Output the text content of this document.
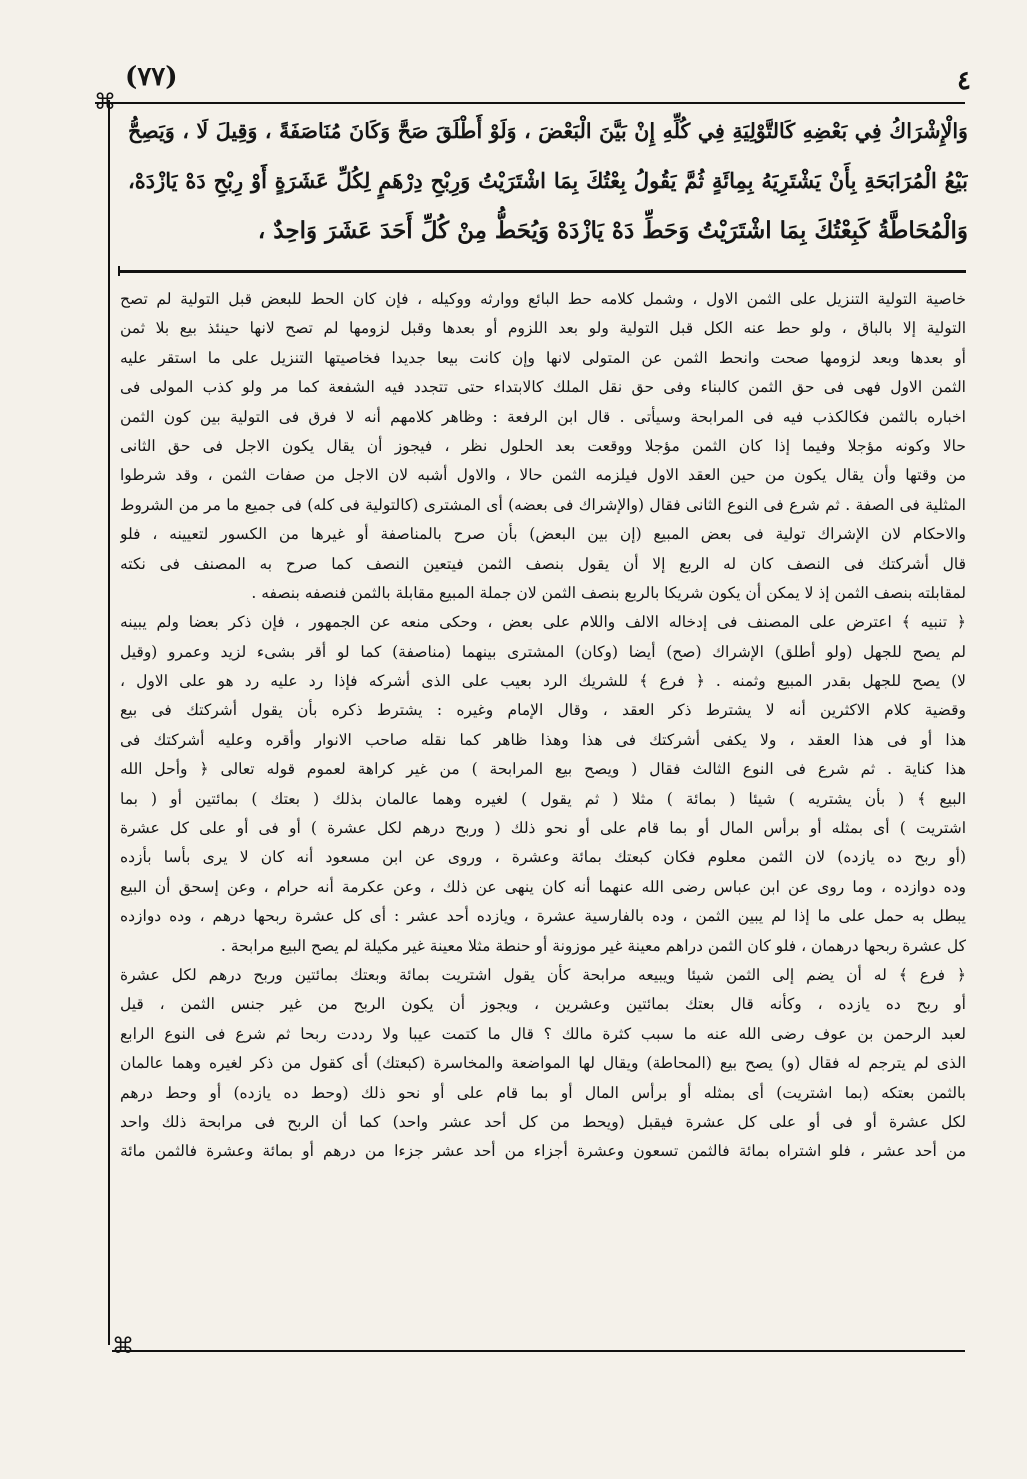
(٧٧)	٤
⌘
⌘
وَالْإِشْرَاكُ فِي بَعْضِهِ كَالتَّوْلِيَةِ فِي كُلِّهِ إِنْ بَيَّنَ الْبَعْضَ ، وَلَوْ أَطْلَقَ صَحَّ وَكَانَ مُنَاصَفَةً ، وَقِيلَ لَا ، وَيَصِحُّ
بَيْعُ الْمُرَابَحَةِ بِأَنْ يَشْتَرِيَهُ بِمِائَةٍ ثُمَّ يَقُولُ بِعْتُكَ بِمَا اشْتَرَيْتُ وَرِبْحِ دِرْهَمٍ لِكُلِّ عَشَرَةٍ أَوْ رِبْحِ دَهْ يَازْدَهْ،
وَالْمُحَاطَّةُ كَبِعْتُكَ بِمَا اشْتَرَيْتُ وَحَطِّ دَهْ يَازْدَهْ وَيُحَطُّ مِنْ كُلِّ أَحَدَ عَشَرَ وَاحِدٌ ،
خاصية التولية التنزيل على الثمن الاول ، وشمل كلامه حط البائع ووارثه ووكيله ، فإن كان الحط للبعض قبل التولية لم تصح
التولية إلا بالباق ، ولو حط عنه الكل قبل التولية ولو بعد اللزوم أو بعدها وقبل لزومها لم تصح لانها حينئذ بيع بلا ثمن
أو بعدها وبعد لزومها صحت وانحط الثمن عن المتولى لانها وإن كانت بيعا جديدا فخاصيتها التنزيل على ما استقر عليه
الثمن الاول فهى فى حق الثمن كالبناء وفى حق نقل الملك كالابتداء حتى تتجدد فيه الشفعة كما مر ولو كذب المولى فى
اخباره بالثمن فكالكذب فيه فى المرابحة وسيأتى . قال ابن الرفعة : وظاهر كلامهم أنه لا فرق فى التولية بين كون الثمن
حالا وكونه مؤجلا وفيما إذا كان الثمن مؤجلا ووقعت بعد الحلول نظر ، فيجوز أن يقال يكون الاجل فى حق الثانى
من وقتها وأن يقال يكون من حين العقد الاول فيلزمه الثمن حالا ، والاول أشبه لان الاجل من صفات الثمن ، وقد شرطوا
المثلية فى الصفة . ثم شرع فى النوع الثانى فقال (والإشراك فى بعضه) أى المشترى (كالتولية فى كله) فى جميع ما مر من الشروط
والاحكام لان الإشراك تولية فى بعض المبيع (إن بين البعض) بأن صرح بالمناصفة أو غيرها من الكسور لتعيينه ، فلو
قال أشركتك فى النصف كان له الربع إلا أن يقول بنصف الثمن فيتعين النصف كما صرح به المصنف فى نكته
لمقابلته بنصف الثمن إذ لا يمكن أن يكون شريكا بالربع بنصف الثمن لان جملة المبيع مقابلة بالثمن فنصفه بنصفه .
﴿ تنبيه ﴾ اعترض على المصنف فى إدخاله الالف واللام على بعض ، وحكى منعه عن الجمهور ، فإن ذكر بعضا ولم يبينه
لم يصح للجهل (ولو أطلق) الإشراك (صح) أيضا (وكان) المشترى بينهما (مناصفة) كما لو أقر بشىء لزيد وعمرو (وقيل
لا) يصح للجهل بقدر المبيع وثمنه . ﴿ فرع ﴾ للشريك الرد بعيب على الذى أشركه فإذا رد عليه رد هو على الاول ،
وقضية كلام الاكثرين أنه لا يشترط ذكر العقد ، وقال الإمام وغيره : يشترط ذكره بأن يقول أشركتك فى بيع
هذا أو فى هذا العقد ، ولا يكفى أشركتك فى هذا وهذا ظاهر كما نقله صاحب الانوار وأقره وعليه أشركتك فى
هذا كناية . ثم شرع فى النوع الثالث فقال ( ويصح بيع المرابحة ) من غير كراهة لعموم قوله تعالى ﴿ وأحل الله
البيع ﴾ ( بأن يشتريه ) شيئا ( بمائة ) مثلا ( ثم يقول ) لغيره وهما عالمان بذلك ( بعتك ) بمائتين أو ( بما
اشتريت ) أى بمثله أو برأس المال أو بما قام على أو نحو ذلك ( وربح درهم لكل عشرة ) أو فى أو على كل عشرة
(أو ربح ده يازده) لان الثمن معلوم فكان كبعتك بمائة وعشرة ، وروى عن ابن مسعود أنه كان لا يرى بأسا بأزده
وده دوازده ، وما روى عن ابن عباس رضى الله عنهما أنه كان ينهى عن ذلك ، وعن عكرمة أنه حرام ، وعن إسحق أن البيع
يبطل به حمل على ما إذا لم يبين الثمن ، وده بالفارسية عشرة ، ويازده أحد عشر : أى كل عشرة ربحها درهم ، وده دوازده
كل عشرة ربحها درهمان ، فلو كان الثمن دراهم معينة غير موزونة أو حنطة مثلا معينة غير مكيلة لم يصح البيع مرابحة .
﴿ فرع ﴾ له أن يضم إلى الثمن شيئا ويبيعه مرابحة كأن يقول اشتريت بمائة وبعتك بمائتين وربح درهم لكل عشرة
أو ربح ده يازده ، وكأنه قال بعتك بمائتين وعشرين ، ويجوز أن يكون الربح من غير جنس الثمن ، قيل
لعبد الرحمن بن عوف رضى الله عنه ما سبب كثرة مالك ؟ قال ما كتمت عيبا ولا رددت ربحا ثم شرع فى النوع الرابع
الذى لم يترجم له فقال (و) يصح بيع (المحاطة) ويقال لها المواضعة والمخاسرة (كبعتك) أى كقول من ذكر لغيره وهما عالمان
بالثمن بعتكه (بما اشتريت) أى بمثله أو برأس المال أو بما قام على أو نحو ذلك (وحط ده يازده) أو وحط درهم
لكل عشرة أو فى أو على كل عشرة فيقبل (ويحط من كل أحد عشر واحد) كما أن الربح فى مرابحة ذلك واحد
من أحد عشر ، فلو اشتراه بمائة فالثمن تسعون وعشرة أجزاء من أحد عشر جزءا من درهم أو بمائة وعشرة فالثمن مائة
